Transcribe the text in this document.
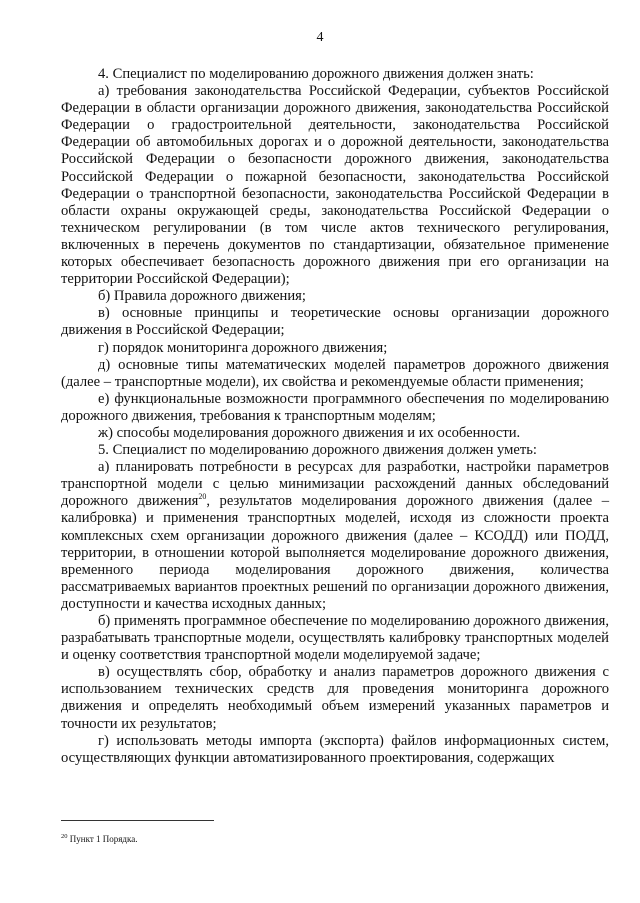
4

4. Специалист по моделированию дорожного движения должен знать:

а) требования законодательства Российской Федерации, субъектов Российской Федерации в области организации дорожного движения, законодательства Российской Федерации о градостроительной деятельности, законодательства Российской Федерации об автомобильных дорогах и о дорожной деятельности, законодательства Российской Федерации о безопасности дорожного движения, законодательства Российской Федерации о пожарной безопасности, законодательства Российской Федерации о транспортной безопасности, законодательства Российской Федерации в области охраны окружающей среды, законодательства Российской Федерации о техническом регулировании (в том числе актов технического регулирования, включенных в перечень документов по стандартизации, обязательное применение которых обеспечивает безопасность дорожного движения при его организации на территории Российской Федерации);

б) Правила дорожного движения;

в) основные принципы и теоретические основы организации дорожного движения в Российской Федерации;

г) порядок мониторинга дорожного движения;

д) основные типы математических моделей параметров дорожного движения (далее – транспортные модели), их свойства и рекомендуемые области применения;

е) функциональные возможности программного обеспечения по моделированию дорожного движения, требования к транспортным моделям;

ж) способы моделирования дорожного движения и их особенности.

5. Специалист по моделированию дорожного движения должен уметь:

а) планировать потребности в ресурсах для разработки, настройки параметров транспортной модели с целью минимизации расхождений данных обследований дорожного движения$^{20}$, результатов моделирования дорожного движения (далее – калибровка) и применения транспортных моделей, исходя из сложности проекта комплексных схем организации дорожного движения (далее – КСОДД) или ПОДД, территории, в отношении которой выполняется моделирование дорожного движения, временного периода моделирования дорожного движения, количества рассматриваемых вариантов проектных решений по организации дорожного движения, доступности и качества исходных данных;

б) применять программное обеспечение по моделированию дорожного движения, разрабатывать транспортные модели, осуществлять калибровку транспортных моделей и оценку соответствия транспортной модели моделируемой задаче;

в) осуществлять сбор, обработку и анализ параметров дорожного движения с использованием технических средств для проведения мониторинга дорожного движения и определять необходимый объем измерений указанных параметров и точности их результатов;

г) использовать методы импорта (экспорта) файлов информационных систем, осуществляющих функции автоматизированного проектирования, содержащих

$^{20}$ Пункт 1 Порядка.
